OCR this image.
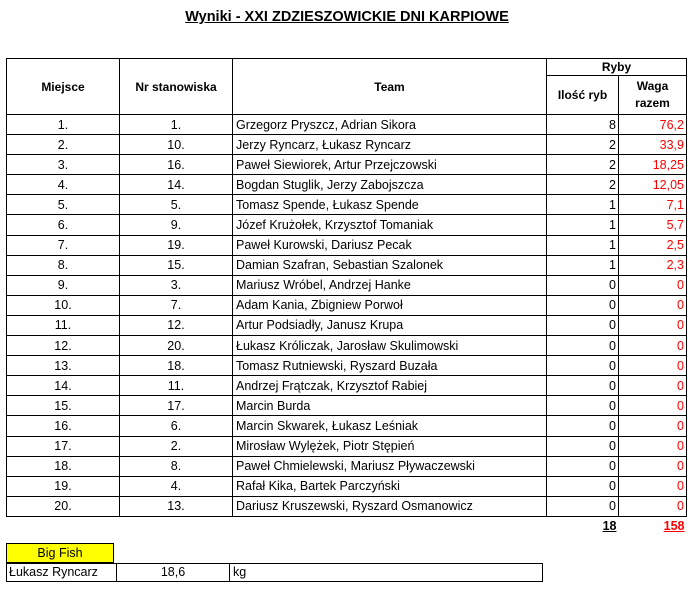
Wyniki - XXI ZDZIESZOWICKIE DNI KARPIOWE
Miejsce	Nr stanowiska	Team	Ryby	
			Ilość ryb	Waga razem
1.	1.	Grzegorz Pryszcz, Adrian Sikora	8	76,2
2.	10.	Jerzy Ryncarz, Łukasz Ryncarz	2	33,9
3.	16.	Paweł Siewiorek, Artur Przejczowski	2	18,25
4.	14.	Bogdan Stuglik, Jerzy Zabojszcza	2	12,05
5.	5.	Tomasz Spende, Łukasz Spende	1	7,1
6.	9.	Józef Krużołek, Krzysztof Tomaniak	1	5,7
7.	19.	Paweł Kurowski, Dariusz Pecak	1	2,5
8.	15.	Damian Szafran, Sebastian Szalonek	1	2,3
9.	3.	Mariusz Wróbel, Andrzej Hanke	0	0
10.	7.	Adam Kania, Zbigniew Porwoł	0	0
11.	12.	Artur Podsiadły, Janusz Krupa	0	0
12.	20.	Łukasz Króliczak, Jarosław Skulimowski	0	0
13.	18.	Tomasz Rutniewski, Ryszard Buzała	0	0
14.	11.	Andrzej Frątczak, Krzysztof Rabiej	0	0
15.	17.	Marcin Burda	0	0
16.	6.	Marcin Skwarek, Łukasz Leśniak	0	0
17.	2.	Mirosław Wylężek, Piotr Stępień	0	0
18.	8.	Paweł Chmielewski, Mariusz Pływaczewski	0	0
19.	4.	Rafał Kika, Bartek Parczyński	0	0
20.	13.	Dariusz Kruszewski, Ryszard Osmanowicz	0	0
			18	158
Big Fish
Łukasz Ryncarz	18,6	kg
